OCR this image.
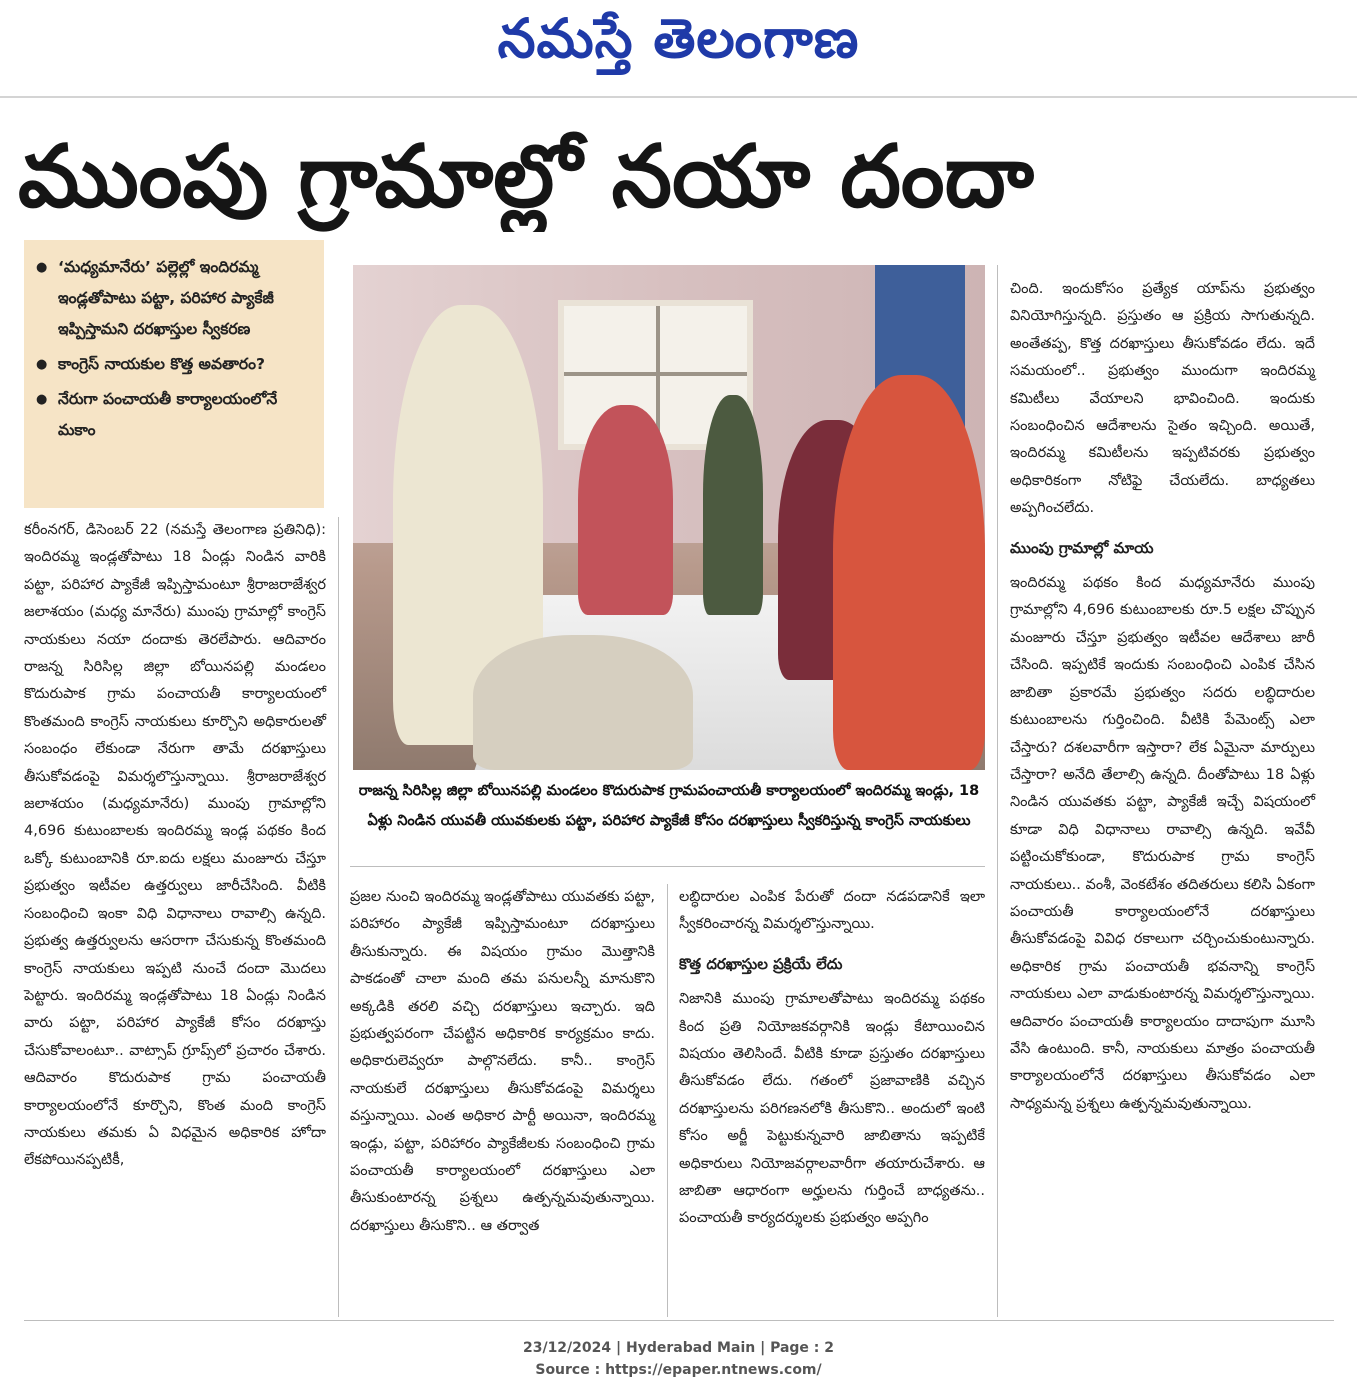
నమస్తే తెలంగాణ
ముంపు గ్రామాల్లో నయా దందా
● ‘మధ్యమానేరు’ పల్లెల్లో ఇందిరమ్మ ఇండ్లతోపాటు పట్టా, పరిహార ప్యాకేజీ ఇప్పిస్తామని దరఖాస్తుల స్వీకరణ
● కాంగ్రెస్ నాయకుల కొత్త అవతారం?
● నేరుగా పంచాయతీ కార్యాలయంలోనే మకాం
రాజన్న సిరిసిల్ల జిల్లా బోయినపల్లి మండలం కొదురుపాక గ్రామపంచాయతీ కార్యాలయంలో ఇందిరమ్మ ఇండ్లు, 18 ఏళ్లు నిండిన యువతీ యువకులకు పట్టా, పరిహార ప్యాకేజీ కోసం దరఖాస్తులు స్వీకరిస్తున్న కాంగ్రెస్ నాయకులు

కరీంనగర్, డిసెంబర్ 22 (నమస్తే తెలంగాణ ప్రతినిధి): ఇందిరమ్మ ఇండ్లతోపాటు 18 ఏండ్లు నిండిన వారికి పట్టా, పరిహార ప్యాకేజీ ఇప్పిస్తామంటూ శ్రీరాజరాజేశ్వర జలాశయం (మధ్య మానేరు) ముంపు గ్రామాల్లో కాంగ్రెస్ నాయకులు నయా దందాకు తెరలేపారు. ఆదివారం రాజన్న సిరిసిల్ల జిల్లా బోయినపల్లి మండలం కొదురుపాక గ్రామ పంచాయతీ కార్యాలయంలో కొంతమంది కాంగ్రెస్ నాయకులు కూర్చొని అధికారులతో సంబంధం లేకుండా నేరుగా తామే దరఖాస్తులు తీసుకోవడంపై విమర్శలొస్తున్నాయి. శ్రీరాజరాజేశ్వర జలాశయం (మధ్యమానేరు) ముంపు గ్రామాల్లోని 4,696 కుటుంబాలకు ఇందిరమ్మ ఇండ్ల పథకం కింద ఒక్కో కుటుంబానికి రూ.ఐదు లక్షలు మంజూరు చేస్తూ ప్రభుత్వం ఇటీవల ఉత్తర్వులు జారీచేసింది. వీటికి సంబంధించి ఇంకా విధి విధానాలు రావాల్సి ఉన్నది. ప్రభుత్వ ఉత్తర్వులను ఆసరాగా చేసుకున్న కొంతమంది కాంగ్రెస్ నాయకులు ఇప్పటి నుంచే దందా మొదలు పెట్టారు. ఇందిరమ్మ ఇండ్లతోపాటు 18 ఏండ్లు నిండిన వారు పట్టా, పరిహార ప్యాకేజీ కోసం దరఖాస్తు చేసుకోవాలంటూ.. వాట్సాప్ గ్రూప్స్‌లో ప్రచారం చేశారు. ఆదివారం కొదురుపాక గ్రామ పంచాయతీ కార్యాలయంలోనే కూర్చొని, కొంత మంది కాంగ్రెస్ నాయకులు తమకు ఏ విధమైన అధికారిక హోదా లేకపోయినప్పటికీ,

ప్రజల నుంచి ఇందిరమ్మ ఇండ్లతోపాటు యువతకు పట్టా, పరిహారం ప్యాకేజీ ఇప్పిస్తామంటూ దరఖాస్తులు తీసుకున్నారు. ఈ విషయం గ్రామం మొత్తానికి పాకడంతో చాలా మంది తమ పనులన్నీ మానుకొని అక్కడికి తరలి వచ్చి దరఖాస్తులు ఇచ్చారు. ఇది ప్రభుత్వపరంగా చేపట్టిన అధికారిక కార్యక్రమం కాదు. అధికారులెవ్వరూ పాల్గొనలేదు. కానీ.. కాంగ్రెస్ నాయకులే దరఖాస్తులు తీసుకోవడంపై విమర్శలు వస్తున్నాయి. ఎంత అధికార పార్టీ అయినా, ఇందిరమ్మ ఇండ్లు, పట్టా, పరిహారం ప్యాకేజీలకు సంబంధించి గ్రామ పంచాయతీ కార్యాలయంలో దరఖాస్తులు ఎలా తీసుకుంటారన్న ప్రశ్నలు ఉత్పన్నమవుతున్నాయి. దరఖాస్తులు తీసుకొని.. ఆ తర్వాత

లబ్ధిదారుల ఎంపిక పేరుతో దందా నడపడానికే ఇలా స్వీకరించారన్న విమర్శలొస్తున్నాయి.

కొత్త దరఖాస్తుల ప్రక్రియే లేదు

నిజానికి ముంపు గ్రామాలతోపాటు ఇందిరమ్మ పథకం కింద ప్రతి నియోజకవర్గానికి ఇండ్లు కేటాయించిన విషయం తెలిసిందే. వీటికి కూడా ప్రస్తుతం దరఖాస్తులు తీసుకోవడం లేదు. గతంలో ప్రజావాణికి వచ్చిన దరఖాస్తులను పరిగణనలోకి తీసుకొని.. అందులో ఇంటి కోసం అర్జీ పెట్టుకున్నవారి జాబితాను ఇప్పటికే అధికారులు నియోజవర్గాలవారీగా తయారుచేశారు. ఆ జాబితా ఆధారంగా అర్హులను గుర్తించే బాధ్యతను.. పంచాయతీ కార్యదర్శులకు ప్రభుత్వం అప్పగిం

చింది. ఇందుకోసం ప్రత్యేక యాప్‌ను ప్రభుత్వం వినియోగిస్తున్నది. ప్రస్తుతం ఆ ప్రక్రియ సాగుతున్నది. అంతేతప్ప, కొత్త దరఖాస్తులు తీసుకోవడం లేదు. ఇదే సమయంలో.. ప్రభుత్వం ముందుగా ఇందిరమ్మ కమిటీలు వేయాలని భావించింది. ఇందుకు సంబంధించిన ఆదేశాలను సైతం ఇచ్చింది. అయితే, ఇందిరమ్మ కమిటీలను ఇప్పటివరకు ప్రభుత్వం అధికారికంగా నోటిఫై చేయలేదు. బాధ్యతలు అప్పగించలేదు.

ముంపు గ్రామాల్లో మాయ

ఇందిరమ్మ పథకం కింద మధ్యమానేరు ముంపు గ్రామాల్లోని 4,696 కుటుంబాలకు రూ.5 లక్షల చొప్పున మంజూరు చేస్తూ ప్రభుత్వం ఇటీవల ఆదేశాలు జారీ చేసింది. ఇప్పటికే ఇందుకు సంబంధించి ఎంపిక చేసిన జాబితా ప్రకారమే ప్రభుత్వం సదరు లబ్ధిదారుల కుటుంబాలను గుర్తించింది. వీటికి పేమెంట్స్ ఎలా చేస్తారు? దశలవారీగా ఇస్తారా? లేక ఏమైనా మార్పులు చేస్తారా? అనేది తేలాల్సి ఉన్నది. దీంతోపాటు 18 ఏళ్లు నిండిన యువతకు పట్టా, ప్యాకేజీ ఇచ్చే విషయంలో కూడా విధి విధానాలు రావాల్సి ఉన్నది. ఇవేవీ పట్టించుకోకుండా, కొదురుపాక గ్రామ కాంగ్రెస్ నాయకులు.. వంశీ, వెంకటేశం తదితరులు కలిసి ఏకంగా పంచాయతీ కార్యాలయంలోనే దరఖాస్తులు తీసుకోవడంపై వివిధ రకాలుగా చర్చించుకుంటున్నారు. అధికారిక గ్రామ పంచాయతీ భవనాన్ని కాంగ్రెస్ నాయకులు ఎలా వాడుకుంటారన్న విమర్శలొస్తున్నాయి. ఆదివారం పంచాయతీ కార్యాలయం దాదాపుగా మూసి వేసి ఉంటుంది. కానీ, నాయకులు మాత్రం పంచాయతీ కార్యాలయంలోనే దరఖాస్తులు తీసుకోవడం ఎలా సాధ్యమన్న ప్రశ్నలు ఉత్పన్నమవుతున్నాయి.

23/12/2024 | Hyderabad Main | Page : 2
Source : https://epaper.ntnews.com/
